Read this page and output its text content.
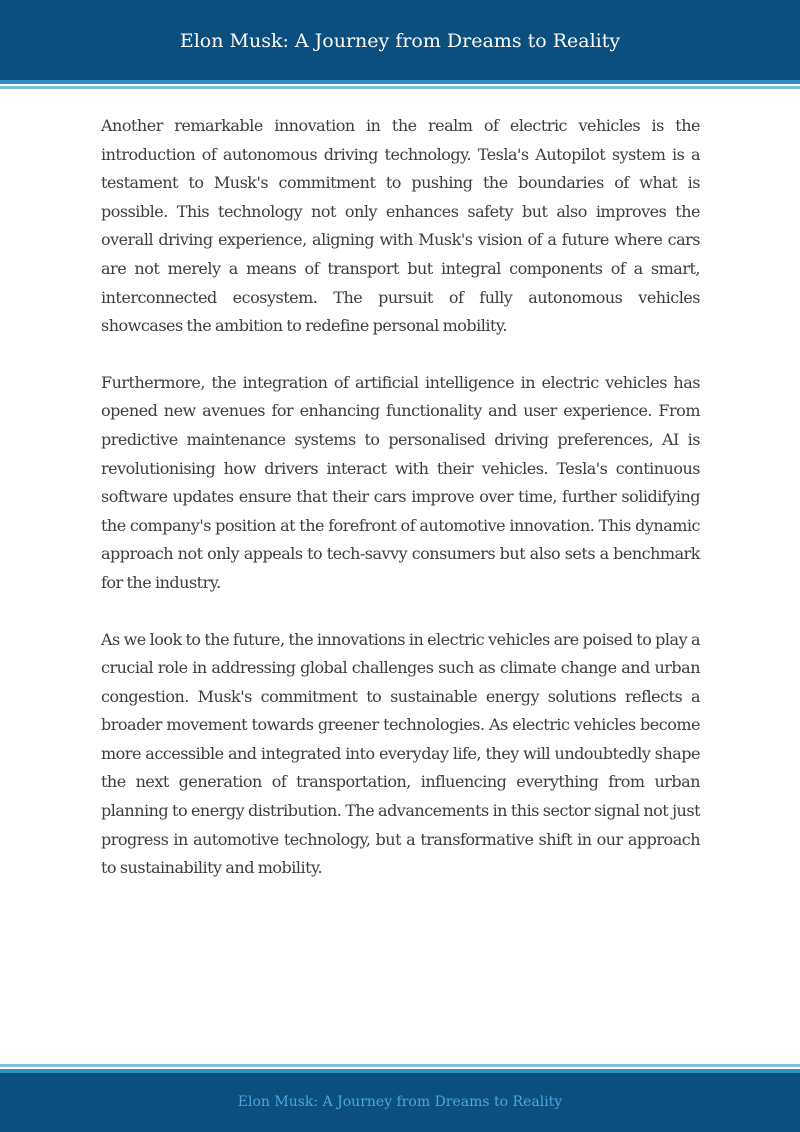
Elon Musk: A Journey from Dreams to Reality

Another remarkable innovation in the realm of electric vehicles is the introduction of autonomous driving technology. Tesla's Autopilot system is a testament to Musk's commitment to pushing the boundaries of what is possible. This technology not only enhances safety but also improves the overall driving experience, aligning with Musk's vision of a future where cars are not merely a means of transport but integral components of a smart, interconnected ecosystem. The pursuit of fully autonomous vehicles showcases the ambition to redefine personal mobility.

Furthermore, the integration of artificial intelligence in electric vehicles has opened new avenues for enhancing functionality and user experience. From predictive maintenance systems to personalised driving preferences, AI is revolutionising how drivers interact with their vehicles. Tesla's continuous software updates ensure that their cars improve over time, further solidifying the company's position at the forefront of automotive innovation. This dynamic approach not only appeals to tech-savvy consumers but also sets a benchmark for the industry.

As we look to the future, the innovations in electric vehicles are poised to play a crucial role in addressing global challenges such as climate change and urban congestion. Musk's commitment to sustainable energy solutions reflects a broader movement towards greener technologies. As electric vehicles become more accessible and integrated into everyday life, they will undoubtedly shape the next generation of transportation, influencing everything from urban planning to energy distribution. The advancements in this sector signal not just progress in automotive technology, but a transformative shift in our approach to sustainability and mobility.

Elon Musk: A Journey from Dreams to Reality
